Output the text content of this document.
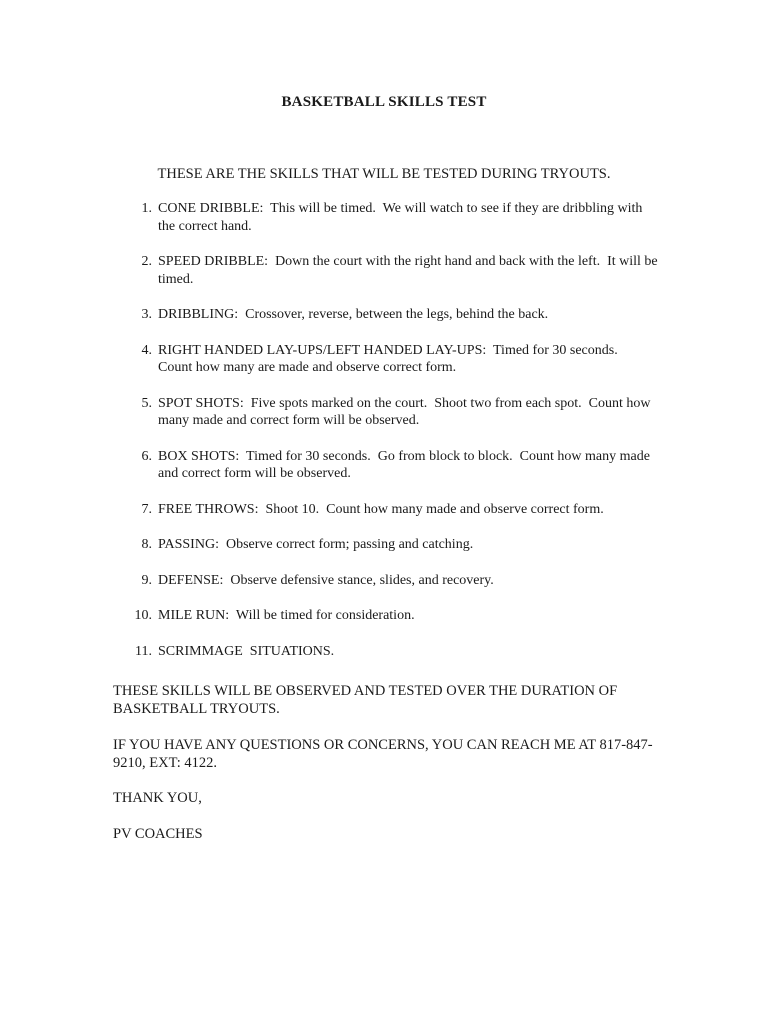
BASKETBALL SKILLS TEST
THESE ARE THE SKILLS THAT WILL BE TESTED DURING TRYOUTS.
1. CONE DRIBBLE:  This will be timed.  We will watch to see if they are dribbling with the correct hand.
2. SPEED DRIBBLE:  Down the court with the right hand and back with the left.  It will be timed.
3. DRIBBLING:  Crossover, reverse, between the legs, behind the back.
4. RIGHT HANDED LAY-UPS/LEFT HANDED LAY-UPS:  Timed for 30 seconds.  Count how many are made and observe correct form.
5. SPOT SHOTS:  Five spots marked on the court.  Shoot two from each spot.  Count how many made and correct form will be observed.
6. BOX SHOTS:  Timed for 30 seconds.  Go from block to block.  Count how many made and correct form will be observed.
7. FREE THROWS:  Shoot 10.  Count how many made and observe correct form.
8. PASSING:  Observe correct form; passing and catching.
9. DEFENSE:  Observe defensive stance, slides, and recovery.
10. MILE RUN:  Will be timed for consideration.
11. SCRIMMAGE  SITUATIONS.

THESE SKILLS WILL BE OBSERVED AND TESTED OVER THE DURATION OF BASKETBALL TRYOUTS.

IF YOU HAVE ANY QUESTIONS OR CONCERNS, YOU CAN REACH ME AT 817-847-9210, EXT: 4122.

THANK YOU,

PV COACHES
